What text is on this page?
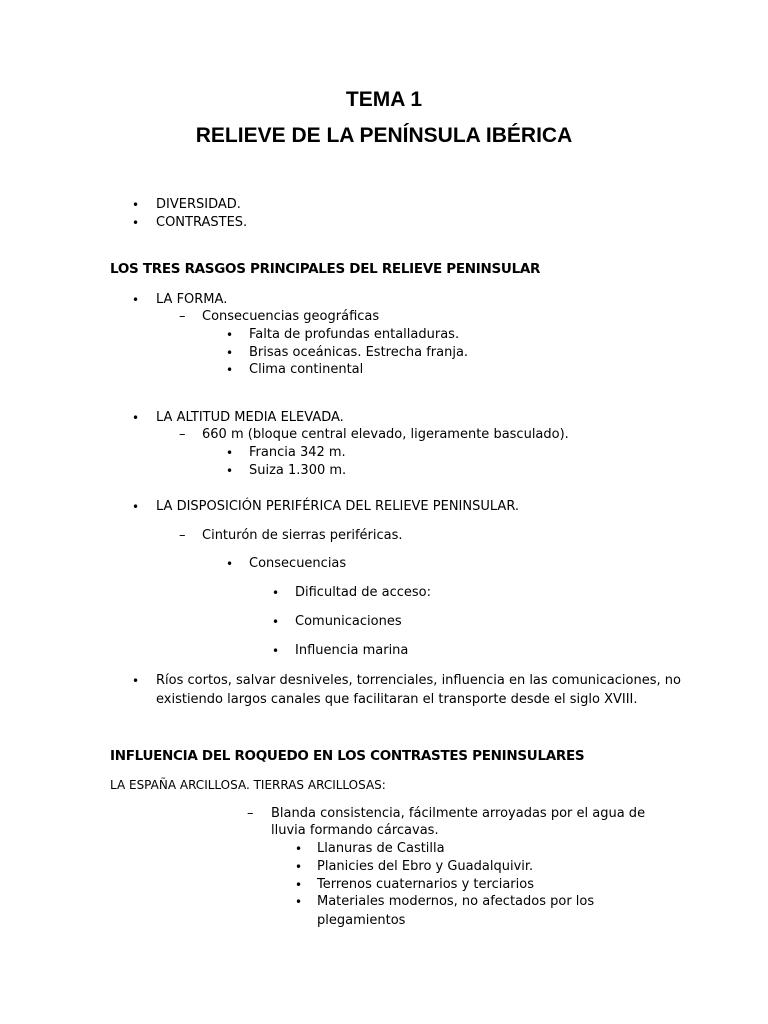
TEMA 1
RELIEVE DE LA PENÍNSULA IBÉRICA
• DIVERSIDAD.
• CONTRASTES.
LOS TRES RASGOS PRINCIPALES DEL RELIEVE PENINSULAR
• LA FORMA.
– Consecuencias geográficas
• Falta de profundas entalladuras.
• Brisas oceánicas. Estrecha franja.
• Clima continental
• LA ALTITUD MEDIA ELEVADA.
– 660 m (bloque central elevado, ligeramente basculado).
• Francia 342 m.
• Suiza 1.300 m.
• LA DISPOSICIÓN PERIFÉRICA DEL RELIEVE PENINSULAR.
– Cinturón de sierras periféricas.
• Consecuencias
• Dificultad de acceso:
• Comunicaciones
• Influencia marina
• Ríos cortos, salvar desniveles, torrenciales, influencia en las comunicaciones, no
existiendo largos canales que facilitaran el transporte desde el siglo XVIII.
INFLUENCIA DEL ROQUEDO EN LOS CONTRASTES PENINSULARES
LA ESPAÑA ARCILLOSA. TIERRAS ARCILLOSAS:
– Blanda consistencia, fácilmente arroyadas por el agua de
lluvia formando cárcavas.
• Llanuras de Castilla
• Planicies del Ebro y Guadalquivir.
• Terrenos cuaternarios y terciarios
• Materiales modernos, no afectados por los
plegamientos
